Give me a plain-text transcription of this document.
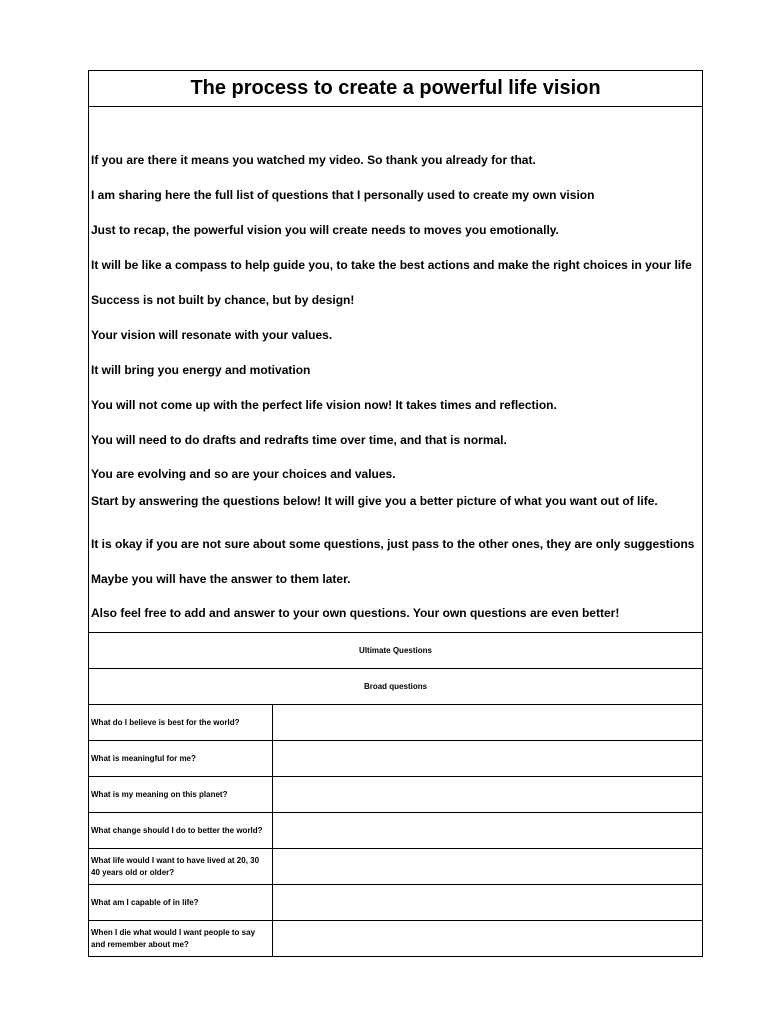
The process to create a powerful life vision

If you are there it means you watched my video. So thank you already for that.

I am sharing here the full list of questions that I personally used to create my own vision

Just to recap, the powerful vision you will create needs to moves you emotionally.

It will be like a compass to help guide you, to take the best actions and make the right choices in your life

Success is not built by chance, but by design!

Your vision will resonate with your values.

It will bring you energy and motivation

You will not come up with the perfect life vision now! It takes times and reflection.

You will need to do drafts and redrafts time over time, and that is normal.

You are evolving and so are your choices and values.

Start by answering the questions below! It will give you a better picture of what you want out of life.

It is okay if you are not sure about some questions, just pass to the other ones, they are only suggestions

Maybe you will have the answer to them later.

Also feel free to add and answer to your own questions. Your own questions are even better!

Ultimate Questions
Broad questions
What do I believe is best for the world?
What is meaningful for me?
What is my meaning on this planet?
What change should I do to better the world?
What life would I want to have lived at 20, 30 40 years old or older?
What am I capable of in life?
When I die what would I want people to say and remember about me?
